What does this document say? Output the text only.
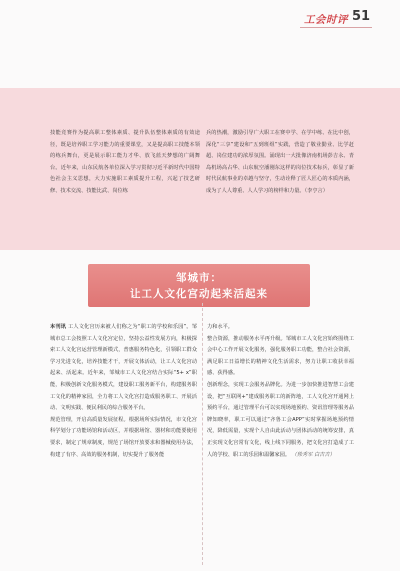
工会时评 51
技能竞赛作为提高职工整体素质、提升队伍整体素质的有效途径，既是培养职工学习能力的重要课堂，又是提高职工技能本领的练兵舞台，更是展示职工能力才华、放飞蓝天梦想的广阔舞台。近年来，山东民航各单位深入学习贯彻习近平新时代中国特色社会主义思想，大力实施职工素质提升工程，兴起了技艺研修、技术交流、技能比武、岗位练
兵的热潮，激励引导广大职工在赛中学、在学中练、在比中创，深化“三享”建设和“五到班组”实践，营造了敬业勤业、比学赶超、岗位建功的浓厚氛围。涌现出一大批像济南机场彭吉永、青岛机场高占华、山东航空潘刚东这样的岗位技术标兵，彰显了新时代民航事业的卓越与坚守，生动诠释了匠人匠心的本质内涵，成为了人人尊重、人人学习的榜样和力量。（李亨言）
邹城市：
让工人文化宫动起来活起来

本刊讯 工人文化宫历来被人们称之为“职工的学校和乐园”。邹城市总工会按照工人文化宫定位，坚持公益性发展方向，积极探索工人文化宫运营管理新模式，普惠服务特色化，引领职工群众学习先进文化，培养技能才干，开展文体活动，让工人文化宫动起来、活起来。近年来，邹城市工人文化宫结合实际“5+ x”职能，积极创新文化服务模式，建设职工服务新平台，构建服务职工文化的精神家园，全力将工人文化宫打造成服务职工、开展活动、文明实践、便民利民的综合服务平台。

规范管理，开启高质量发展征程。根据场所实际情况，市文化宫科学划分了功能场馆和活动区，并根据场馆、器材和功能要使用要求，制定了规章制度，规范了场馆开放要求和器械使用办法，构建了有序、高效的服务机制，切实提升了服务能

力和水平。

整合资源，推动服务水平再升级。邹城市工人文化宫始终围绕工会中心工作开展文化服务，强化服务职工功能，整合社会资源，满足职工日益增长的精神文化生活需求，努力让职工收获幸福感、获得感。

创新理念，实现工会服务品牌化。为进一步加快推进智慧工会建设，把“互联网+”建成服务职工的新阵地，工人文化宫开通网上预约平台，通过管理平台可以实现场地预约、资讯管理等服务品牌知晓率，职工可以通过“齐鲁工会APP”实时掌握场地预约情况，降低需量，实现个人自由此活动与团体活动的统筹安排，真正实现文化宫常有文化，线上线下同服务，把文化宫打造成了工人的学校、职工的乐园和温馨家园。 （徐秀军 白吉吉）
